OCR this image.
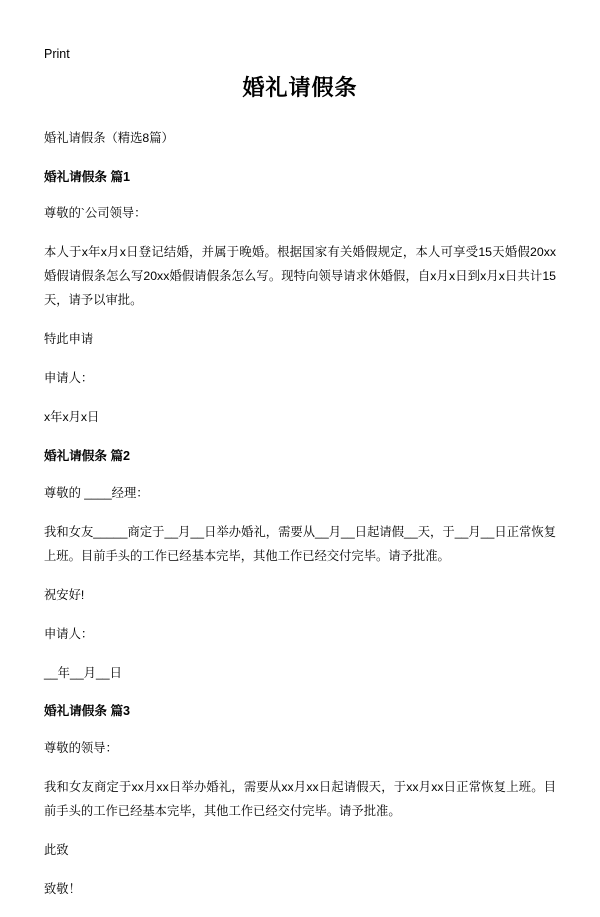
Print
婚礼请假条

婚礼请假条（精选8篇）

婚礼请假条 篇1

尊敬的`公司领导：

本人于x年x月x日登记结婚，并属于晚婚。根据国家有关婚假规定，本人可享受15天婚假20xx婚假请假条怎么写20xx婚假请假条怎么写。现特向领导请求休婚假，自x月x日到x月x日共计15天，请予以审批。

特此申请

申请人：

x年x月x日

婚礼请假条 篇2

尊敬的 ____经理：

我和女友_____商定于__月__日举办婚礼，需要从__月__日起请假__天，于__月__日正常恢复上班。目前手头的工作已经基本完毕，其他工作已经交付完毕。请予批准。

祝安好!

申请人：

__年__月__日

婚礼请假条 篇3

尊敬的领导：

我和女友商定于xx月xx日举办婚礼，需要从xx月xx日起请假天，于xx月xx日正常恢复上班。目前手头的工作已经基本完毕，其他工作已经交付完毕。请予批准。

此致

致敬！
